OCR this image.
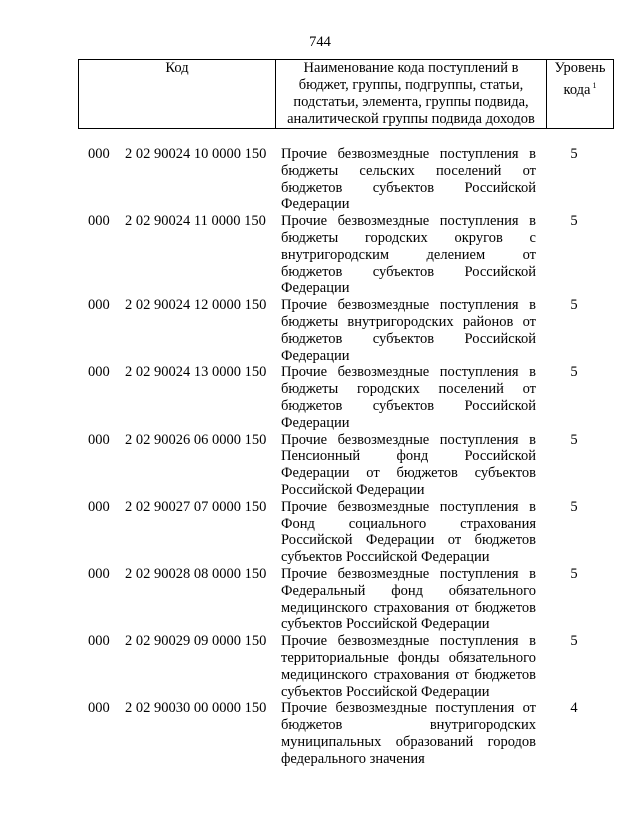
744
Код	Наименование кода поступлений в бюджет, группы, подгруппы, статьи, подстатьи, элемента, группы подвида, аналитической группы подвида доходов	Уровень кода $^1$
000 2 02 90024 10 0000 150	Прочие безвозмездные поступления в
бюджеты сельских поселений от
бюджетов субъектов Российской
Федерации
5
000 2 02 90024 11 0000 150	Прочие безвозмездные поступления в
бюджеты городских округов с
внутригородским делением от
бюджетов субъектов Российской
Федерации
5
000 2 02 90024 12 0000 150	Прочие безвозмездные поступления в
бюджеты внутригородских районов от
бюджетов субъектов Российской
Федерации
5
000 2 02 90024 13 0000 150	Прочие безвозмездные поступления в
бюджеты городских поселений от
бюджетов субъектов Российской
Федерации
5
000 2 02 90026 06 0000 150	Прочие безвозмездные поступления в
Пенсионный фонд Российской
Федерации от бюджетов субъектов
Российской Федерации
5
000 2 02 90027 07 0000 150	Прочие безвозмездные поступления в
Фонд социального страхования
Российской Федерации от бюджетов
субъектов Российской Федерации
5
000 2 02 90028 08 0000 150	Прочие безвозмездные поступления в
Федеральный фонд обязательного
медицинского страхования от бюджетов
субъектов Российской Федерации
5
000 2 02 90029 09 0000 150	Прочие безвозмездные поступления в
территориальные фонды обязательного
медицинского страхования от бюджетов
субъектов Российской Федерации
5
000 2 02 90030 00 0000 150	Прочие безвозмездные поступления от
бюджетов внутригородских
муниципальных образований городов
федерального значения
4
